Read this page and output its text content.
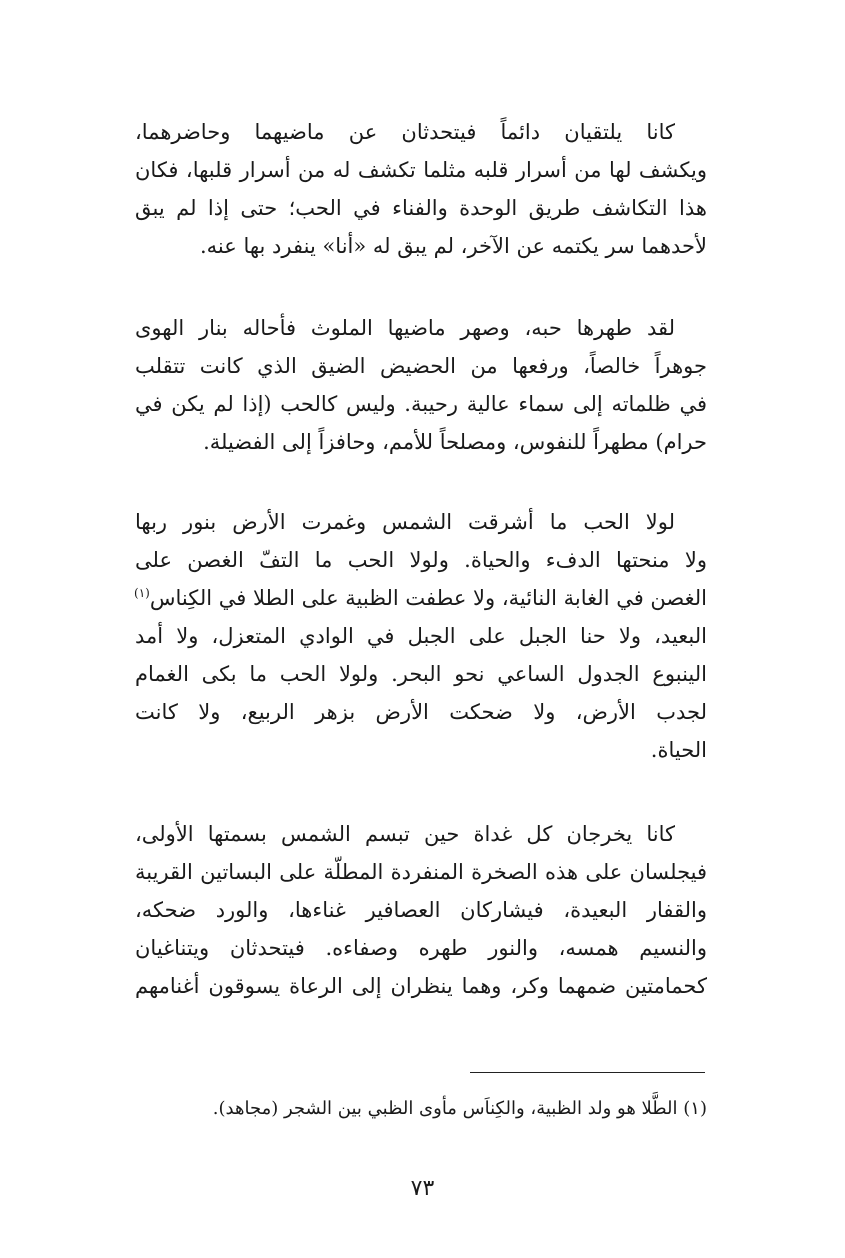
كانا يلتقيان دائماً فيتحدثان عن ماضيهما وحاضرهما،
ويكشف لها من أسرار قلبه مثلما تكشف له من أسرار قلبها، فكان
هذا التكاشف طريق الوحدة والفناء في الحب؛ حتى إذا لم يبق
لأحدهما سر يكتمه عن الآخر، لم يبق له «أنا» ينفرد بها عنه.
لقد طهرها حبه، وصهر ماضيها الملوث فأحاله بنار الهوى
جوهراً خالصاً، ورفعها من الحضيض الضيق الذي كانت تتقلب
في ظلماته إلى سماء عالية رحيبة. وليس كالحب (إذا لم يكن في
حرام) مطهراً للنفوس، ومصلحاً للأمم، وحافزاً إلى الفضيلة.
لولا الحب ما أشرقت الشمس وغمرت الأرض بنور ربها
ولا منحتها الدفء والحياة. ولولا الحب ما التفّ الغصن على
الغصن في الغابة النائية، ولا عطفت الظبية على الطلا في الكِناس$^{(١)}$
البعيد، ولا حنا الجبل على الجبل في الوادي المتعزل، ولا أمد
الينبوع الجدول الساعي نحو البحر. ولولا الحب ما بكى الغمام
لجدب الأرض، ولا ضحكت الأرض بزهر الربيع، ولا كانت
الحياة.
كانا يخرجان كل غداة حين تبسم الشمس بسمتها الأولى،
فيجلسان على هذه الصخرة المنفردة المطلّة على البساتين القريبة
والقفار البعيدة، فيشاركان العصافير غناءها، والورد ضحكه،
والنسيم همسه، والنور طهره وصفاءه. فيتحدثان ويتناغيان
كحمامتين ضمهما وكر، وهما ينظران إلى الرعاة يسوقون أغنامهم
(١) الطَّلا هو ولد الظبية، والكِناَس مأوى الظبي بين الشجر (مجاهد).
٧٣
